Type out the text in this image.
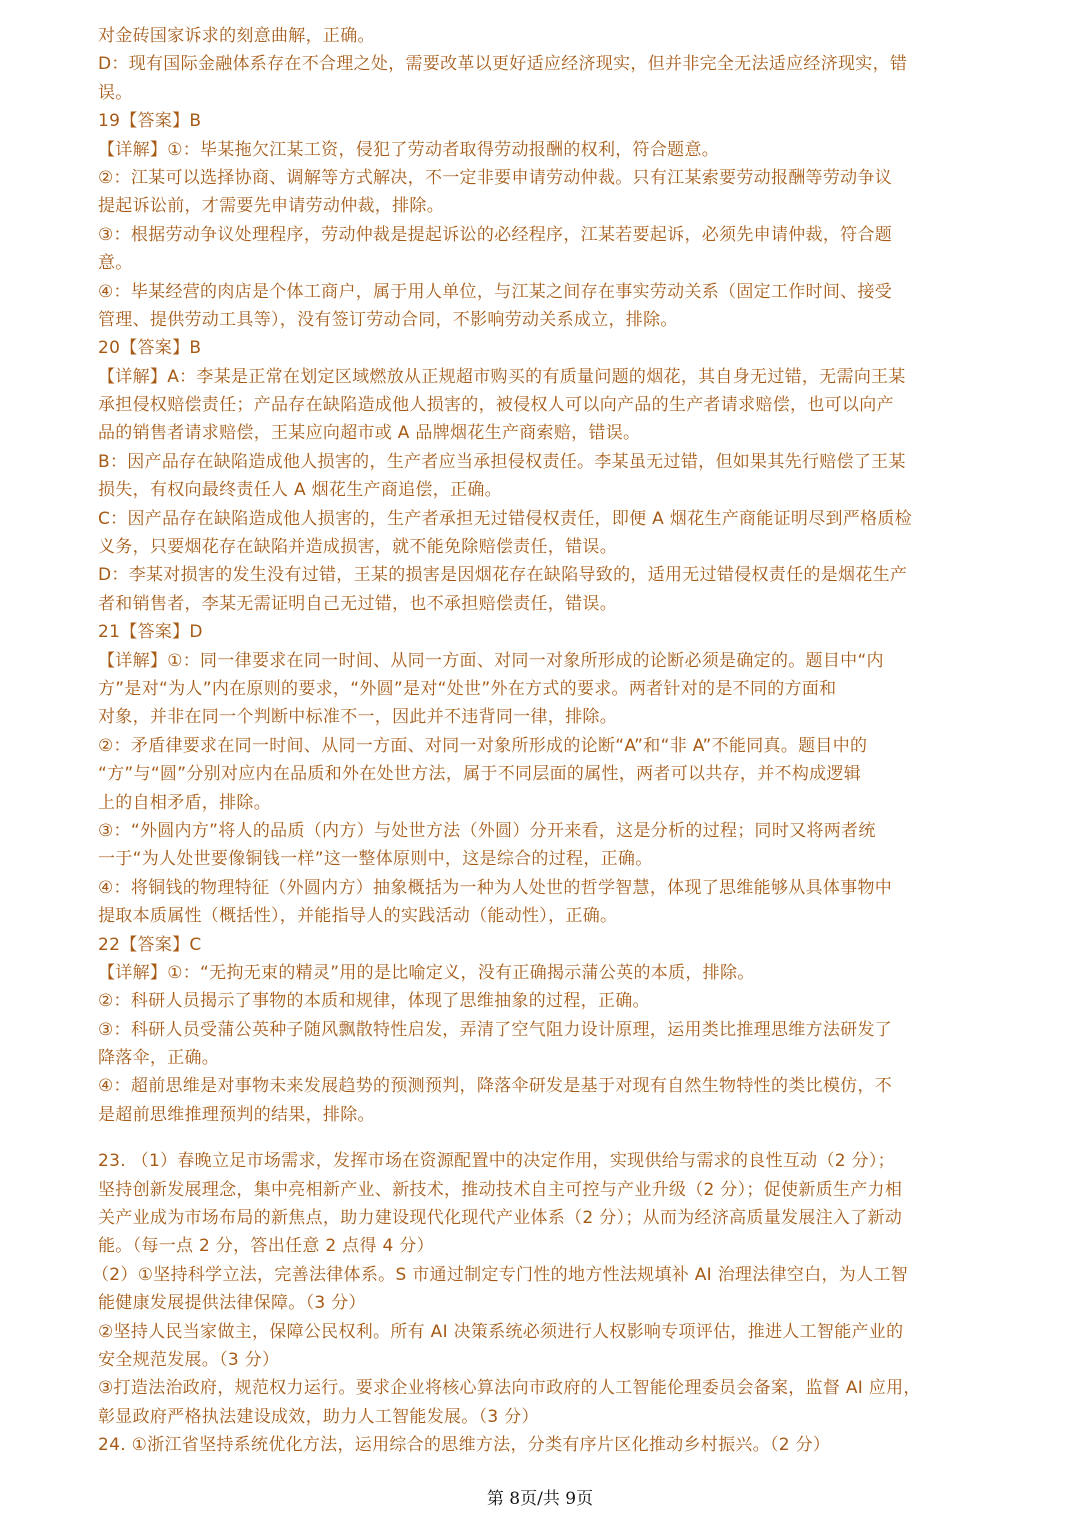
对金砖国家诉求的刻意曲解，正确。
D：现有国际金融体系存在不合理之处，需要改革以更好适应经济现实，但并非完全无法适应经济现实，错
误。
19【答案】B
【详解】①：毕某拖欠江某工资，侵犯了劳动者取得劳动报酬的权利，符合题意。
②：江某可以选择协商、调解等方式解决，不一定非要申请劳动仲裁。只有江某索要劳动报酬等劳动争议
提起诉讼前，才需要先申请劳动仲裁，排除。
③：根据劳动争议处理程序，劳动仲裁是提起诉讼的必经程序，江某若要起诉，必须先申请仲裁，符合题
意。
④：毕某经营的肉店是个体工商户，属于用人单位，与江某之间存在事实劳动关系（固定工作时间、接受
管理、提供劳动工具等），没有签订劳动合同，不影响劳动关系成立，排除。
20【答案】B
【详解】A：李某是正常在划定区域燃放从正规超市购买的有质量问题的烟花，其自身无过错，无需向王某
承担侵权赔偿责任；产品存在缺陷造成他人损害的，被侵权人可以向产品的生产者请求赔偿，也可以向产
品的销售者请求赔偿，王某应向超市或 A 品牌烟花生产商索赔，错误。
B：因产品存在缺陷造成他人损害的，生产者应当承担侵权责任。李某虽无过错，但如果其先行赔偿了王某
损失，有权向最终责任人 A 烟花生产商追偿，正确。
C：因产品存在缺陷造成他人损害的，生产者承担无过错侵权责任，即便 A 烟花生产商能证明尽到严格质检
义务，只要烟花存在缺陷并造成损害，就不能免除赔偿责任，错误。
D：李某对损害的发生没有过错，王某的损害是因烟花存在缺陷导致的，适用无过错侵权责任的是烟花生产
者和销售者，李某无需证明自己无过错，也不承担赔偿责任，错误。
21【答案】D
【详解】①：同一律要求在同一时间、从同一方面、对同一对象所形成的论断必须是确定的。题目中“内
方”是对“为人”内在原则的要求，“外圆”是对“处世”外在方式的要求。两者针对的是不同的方面和
对象，并非在同一个判断中标准不一，因此并不违背同一律，排除。
②：矛盾律要求在同一时间、从同一方面、对同一对象所形成的论断“A”和“非 A”不能同真。题目中的
“方”与“圆”分别对应内在品质和外在处世方法，属于不同层面的属性，两者可以共存，并不构成逻辑
上的自相矛盾，排除。
③：“外圆内方”将人的品质（内方）与处世方法（外圆）分开来看，这是分析的过程；同时又将两者统
一于“为人处世要像铜钱一样”这一整体原则中，这是综合的过程，正确。
④：将铜钱的物理特征（外圆内方）抽象概括为一种为人处世的哲学智慧，体现了思维能够从具体事物中
提取本质属性（概括性），并能指导人的实践活动（能动性），正确。
22【答案】C
【详解】①：“无拘无束的精灵”用的是比喻定义，没有正确揭示蒲公英的本质，排除。
②：科研人员揭示了事物的本质和规律，体现了思维抽象的过程，正确。
③：科研人员受蒲公英种子随风飘散特性启发，弄清了空气阻力设计原理，运用类比推理思维方法研发了
降落伞，正确。
④：超前思维是对事物未来发展趋势的预测预判，降落伞研发是基于对现有自然生物特性的类比模仿，不
是超前思维推理预判的结果，排除。
23. （1）春晚立足市场需求，发挥市场在资源配置中的决定作用，实现供给与需求的良性互动（2 分）；
坚持创新发展理念，集中亮相新产业、新技术，推动技术自主可控与产业升级（2 分）；促使新质生产力相
关产业成为市场布局的新焦点，助力建设现代化现代产业体系（2 分）；从而为经济高质量发展注入了新动
能。（每一点 2 分，答出任意 2 点得 4 分）
（2）①坚持科学立法，完善法律体系。S 市通过制定专门性的地方性法规填补 AI 治理法律空白，为人工智
能健康发展提供法律保障。（3 分）
②坚持人民当家做主，保障公民权利。所有 AI 决策系统必须进行人权影响专项评估，推进人工智能产业的
安全规范发展。（3 分）
③打造法治政府，规范权力运行。要求企业将核心算法向市政府的人工智能伦理委员会备案，监督 AI 应用，
彰显政府严格执法建设成效，助力人工智能发展。（3 分）
24. ①浙江省坚持系统优化方法，运用综合的思维方法，分类有序片区化推动乡村振兴。（2 分）
第 8页/共 9页
